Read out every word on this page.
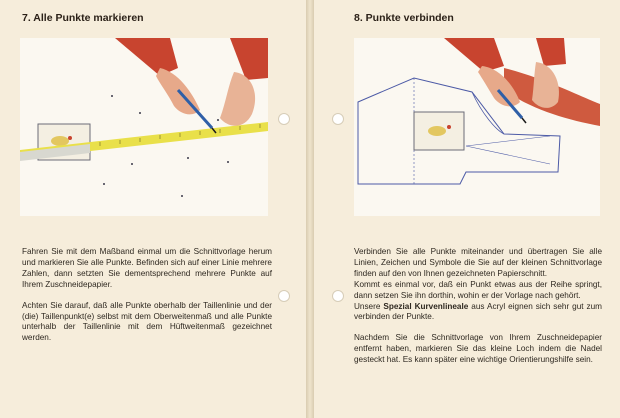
7. Alle Punkte markieren

Fahren Sie mit dem Maßband einmal um die Schnittvorlage herum und markieren Sie alle Punkte. Befinden sich auf einer Linie mehrere Zahlen, dann setzten Sie dementsprechend mehrere Punkte auf Ihrem Zuschneidepapier.

Achten Sie darauf, daß alle Punkte oberhalb der Taillenlinie und der (die) Taillenpunkt(e) selbst mit dem Oberweitenmaß und alle Punkte unterhalb der Taillenlinie mit dem Hüftweitenmaß gezeichnet werden.

8. Punkte verbinden

Verbinden Sie alle Punkte miteinander und übertragen Sie alle Linien, Zeichen und Symbole die Sie auf der kleinen Schnittvorlage finden auf den von Ihnen gezeichneten Papierschnitt.

Kommt es einmal vor, daß ein Punkt etwas aus der Reihe springt, dann setzen Sie ihn dorthin, wohin er der Vorlage nach gehört.

Unsere Spezial Kurvenlineale aus Acryl eignen sich sehr gut zum verbinden der Punkte.

Nachdem Sie die Schnittvorlage von Ihrem Zuschneidepapier entfernt haben, markieren Sie das kleine Loch indem die Nadel gesteckt hat. Es kann später eine wichtige Orientierungshilfe sein.
